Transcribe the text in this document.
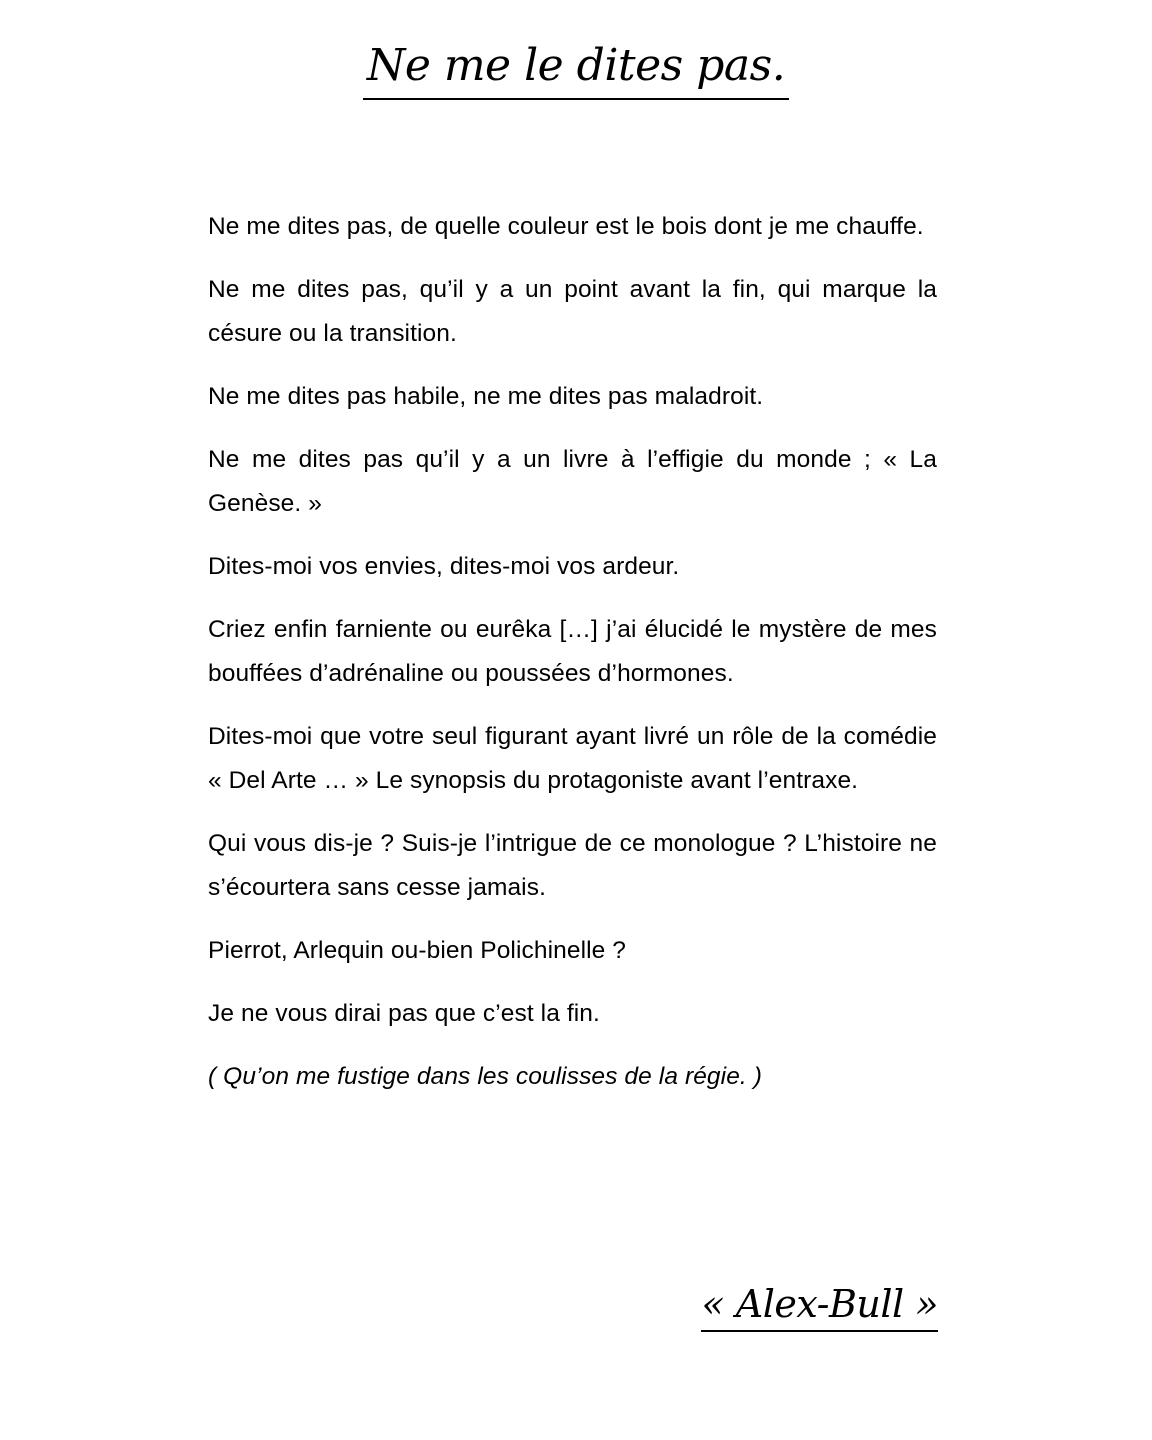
Ne me le dites pas.

Ne me dites pas, de quelle couleur est le bois dont je me chauffe.

Ne me dites pas, qu’il y a un point avant la fin, qui marque la césure ou la transition.

Ne me dites pas habile, ne me dites pas maladroit.

Ne me dites pas qu’il y a un livre à l’effigie du monde ; « La Genèse. »

Dites-moi vos envies, dites-moi vos ardeur.

Criez enfin farniente ou eurêka […] j’ai élucidé le mystère de mes bouffées d’adrénaline ou poussées d’hormones.

Dites-moi que votre seul figurant ayant livré un rôle de la comédie « Del Arte … » Le synopsis du protagoniste avant l’entraxe.

Qui vous dis-je ? Suis-je l’intrigue de ce monologue ? L’histoire ne s’écourtera sans cesse jamais.

Pierrot, Arlequin ou-bien Polichinelle ?

Je ne vous dirai pas que c’est la fin.

( Qu’on me fustige dans les coulisses de la régie. )

« Alex-Bull »
